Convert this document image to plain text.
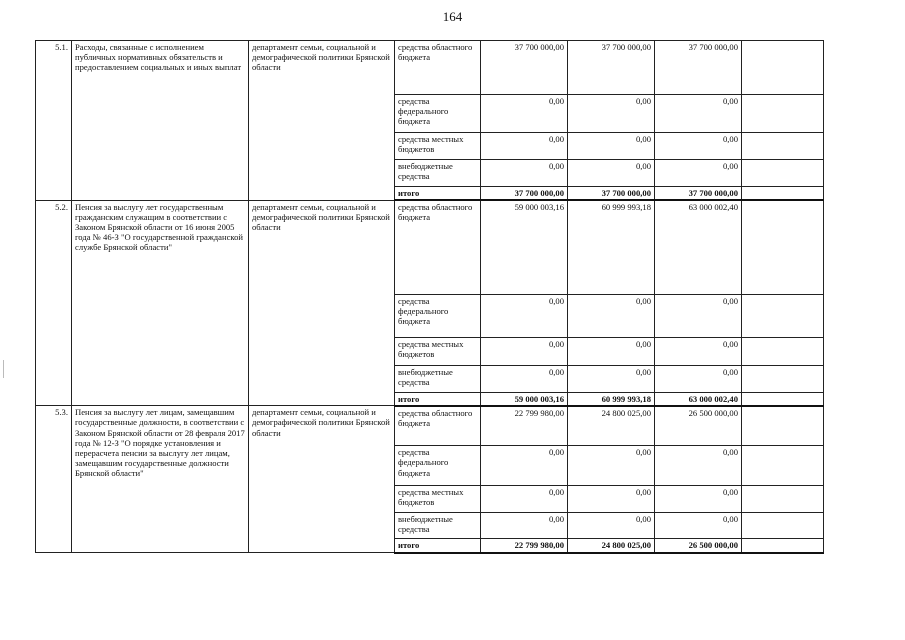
164
5.1.	Расходы, связанные с исполнением публичных нормативных обязательств и предоставлением социальных и иных выплат	департамент семьи, социальной и демографической политики Брянской области	средства областного бюджета	37 700 000,00	37 700 000,00	37 700 000,00	
			средства федерального бюджета	0,00	0,00	0,00	
			средства местных бюджетов	0,00	0,00	0,00	
			внебюджетные средства	0,00	0,00	0,00	
			итого	37 700 000,00	37 700 000,00	37 700 000,00	
5.2.	Пенсия за выслугу лет государственным гражданским служащим в соответствии с Законом Брянской области от 16 июня 2005 года № 46-З "О государственной гражданской службе Брянской области"	департамент семьи, социальной и демографической политики Брянской области	средства областного бюджета	59 000 003,16	60 999 993,18	63 000 002,40	
			средства федерального бюджета	0,00	0,00	0,00	
			средства местных бюджетов	0,00	0,00	0,00	
			внебюджетные средства	0,00	0,00	0,00	
			итого	59 000 003,16	60 999 993,18	63 000 002,40	
5.3.	Пенсия за выслугу лет лицам, замещавшим государственные должности, в соответствии с Законом Брянской области от 28 февраля 2017 года № 12-З "О порядке установления и перерасчета пенсии за выслугу лет лицам, замещавшим государственные должности Брянской области"	департамент семьи, социальной и демографической политики Брянской области	средства областного бюджета	22 799 980,00	24 800 025,00	26 500 000,00	
			средства федерального бюджета	0,00	0,00	0,00	
			средства местных бюджетов	0,00	0,00	0,00	
			внебюджетные средства	0,00	0,00	0,00	
			итого	22 799 980,00	24 800 025,00	26 500 000,00	
